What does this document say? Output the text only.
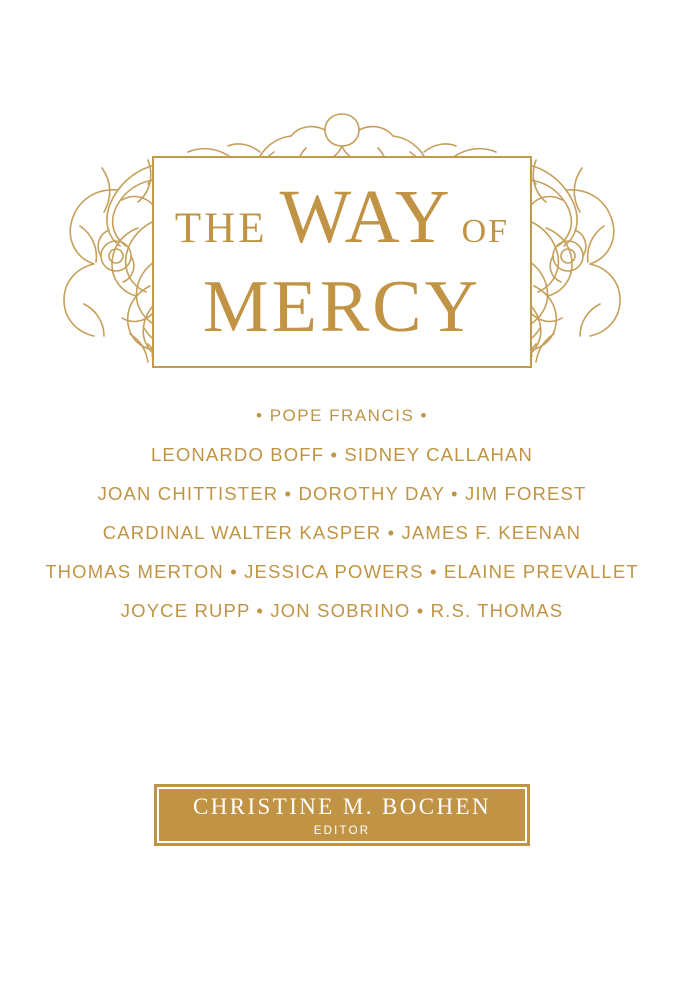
THE WAY OF
MERCY
• POPE FRANCIS •
LEONARDO BOFF • SIDNEY CALLAHAN
JOAN CHITTISTER • DOROTHY DAY • JIM FOREST
CARDINAL WALTER KASPER • JAMES F. KEENAN
THOMAS MERTON • JESSICA POWERS • ELAINE PREVALLET
JOYCE RUPP • JON SOBRINO • R.S. THOMAS
CHRISTINE M. BOCHEN
EDITOR
